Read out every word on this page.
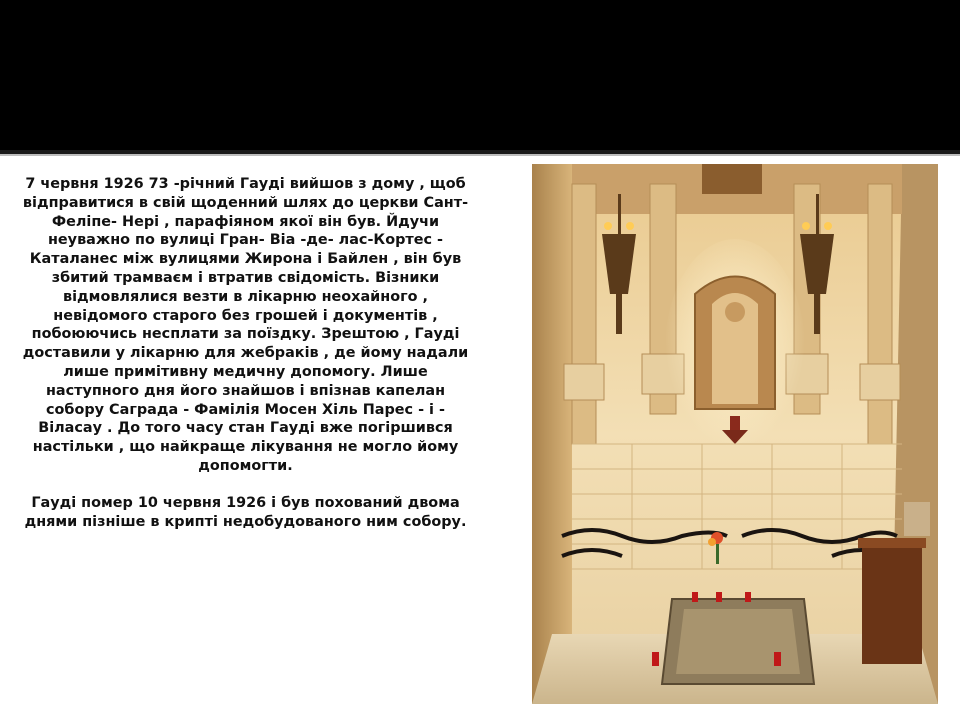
7 червня 1926 73 -річний Гауді вийшов з дому , щоб відправитися в свій щоденний шлях до церкви Сант- Феліпе- Нері , парафіяном якої він був. Йдучи неуважно по вулиці Гран- Віа -де- лас-Кортес - Каталанес між вулицями Жирона і Байлен , він був збитий трамваєм і втратив свідомість. Візники відмовлялися везти в лікарню неохайного , невідомого старого без грошей і документів , побоюючись несплати за поїздку. Зрештою , Гауді доставили у лікарню для жебраків , де йому надали лише примітивну медичну допомогу. Лише наступного дня його знайшов і впізнав капелан собору Саграда - Фамілія Мосен Хіль Парес - і - Віласау . До того часу стан Гауді вже погіршився настільки , що найкраще лікування не могло йому допомогти.

Гауді помер 10 червня 1926 і був похований двома днями пізніше в крипті недобудованого ним собору.
